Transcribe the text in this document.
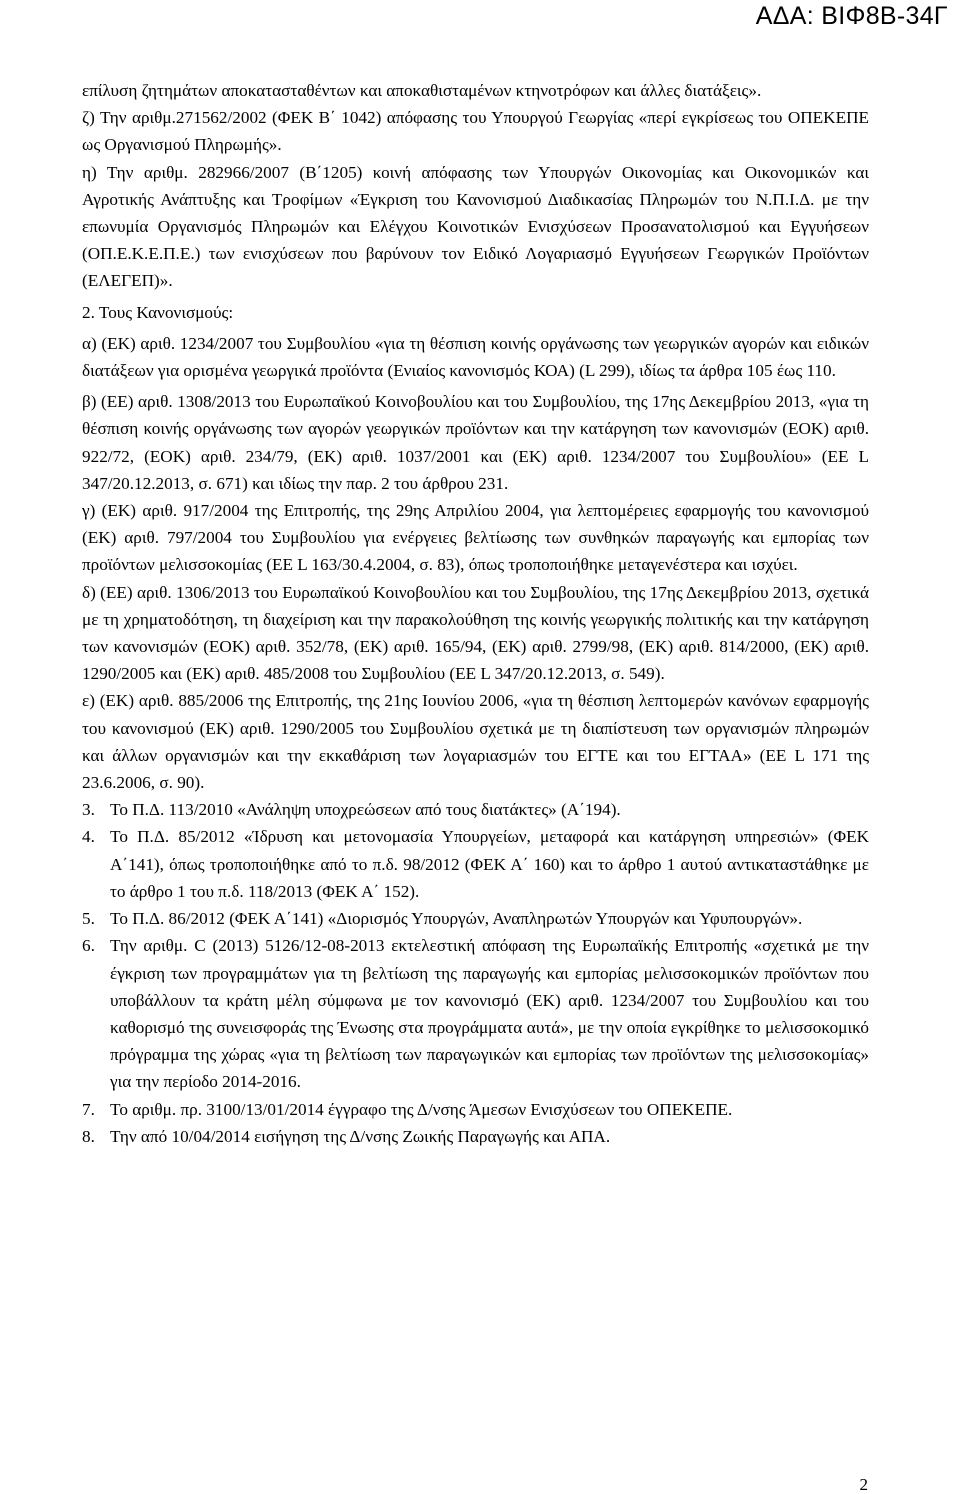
ΑΔΑ: ΒΙΦ8Β-34Γ

επίλυση ζητημάτων αποκατασταθέντων και αποκαθισταμένων κτηνοτρόφων και άλλες διατάξεις».

ζ) Την αριθμ.271562/2002 (ΦΕΚ Β΄ 1042) απόφασης του Υπουργού Γεωργίας «περί εγκρίσεως του ΟΠΕΚΕΠΕ ως Οργανισμού Πληρωμής».

η) Την αριθμ. 282966/2007 (Β΄1205) κοινή απόφασης των Υπουργών Οικονομίας και Οικονομικών και Αγροτικής Ανάπτυξης και Τροφίμων «Έγκριση του Κανονισμού Διαδικασίας Πληρωμών του Ν.Π.Ι.Δ. με την επωνυμία Οργανισμός Πληρωμών και Ελέγχου Κοινοτικών Ενισχύσεων Προσανατολισμού και Εγγυήσεων (ΟΠ.Ε.Κ.Ε.Π.Ε.) των ενισχύσεων που βαρύνουν τον Ειδικό Λογαριασμό Εγγυήσεων Γεωργικών Προϊόντων (ΕΛΕΓΕΠ)».

2. Τους Κανονισμούς:

α) (ΕΚ) αριθ. 1234/2007 του Συμβουλίου «για τη θέσπιση κοινής οργάνωσης των γεωργικών αγορών και ειδικών διατάξεων για ορισμένα γεωργικά προϊόντα (Ενιαίος κανονισμός ΚΟΑ) (L 299), ιδίως τα άρθρα 105 έως 110.

β) (ΕΕ) αριθ. 1308/2013 του Ευρωπαϊκού Κοινοβουλίου και του Συμβουλίου, της 17ης Δεκεμβρίου 2013, «για τη θέσπιση κοινής οργάνωσης των αγορών γεωργικών προϊόντων και την κατάργηση των κανονισμών (ΕΟΚ) αριθ. 922/72, (ΕΟΚ) αριθ. 234/79, (ΕΚ) αριθ. 1037/2001 και (ΕΚ) αριθ. 1234/2007 του Συμβουλίου» (ΕΕ L 347/20.12.2013, σ. 671) και ιδίως την παρ. 2 του άρθρου 231.

γ) (ΕΚ) αριθ. 917/2004 της Επιτροπής, της 29ης Απριλίου 2004, για λεπτομέρειες εφαρμογής του κανονισμού (ΕΚ) αριθ. 797/2004 του Συμβουλίου για ενέργειες βελτίωσης των συνθηκών παραγωγής και εμπορίας των προϊόντων μελισσοκομίας (ΕΕ L 163/30.4.2004, σ. 83), όπως τροποποιήθηκε μεταγενέστερα και ισχύει.

δ) (ΕΕ) αριθ. 1306/2013 του Ευρωπαϊκού Κοινοβουλίου και του Συμβουλίου, της 17ης Δεκεμβρίου 2013, σχετικά με τη χρηματοδότηση, τη διαχείριση και την παρακολούθηση της κοινής γεωργικής πολιτικής και την κατάργηση των κανονισμών (ΕΟΚ) αριθ. 352/78, (ΕΚ) αριθ. 165/94, (ΕΚ) αριθ. 2799/98, (ΕΚ) αριθ. 814/2000, (ΕΚ) αριθ. 1290/2005 και (ΕΚ) αριθ. 485/2008 του Συμβουλίου (ΕΕ L 347/20.12.2013, σ. 549).

ε) (ΕΚ) αριθ. 885/2006 της Επιτροπής, της 21ης Ιουνίου 2006, «για τη θέσπιση λεπτομερών κανόνων εφαρμογής του κανονισμού (ΕΚ) αριθ. 1290/2005 του Συμβουλίου σχετικά με τη διαπίστευση των οργανισμών πληρωμών και άλλων οργανισμών και την εκκαθάριση των λογαριασμών του ΕΓΤΕ και του ΕΓΤΑΑ» (ΕΕ L 171 της 23.6.2006, σ. 90).

3. Το Π.Δ. 113/2010 «Ανάληψη υποχρεώσεων από τους διατάκτες» (Α΄194).
4. Το Π.Δ. 85/2012 «Ίδρυση και μετονομασία Υπουργείων, μεταφορά και κατάργηση υπηρεσιών» (ΦΕΚ Α΄141), όπως τροποποιήθηκε από το π.δ. 98/2012 (ΦΕΚ Α΄ 160) και το άρθρο 1 αυτού αντικαταστάθηκε με το άρθρο 1 του π.δ. 118/2013 (ΦΕΚ Α΄ 152).
5. Το Π.Δ. 86/2012 (ΦΕΚ Α΄141) «Διορισμός Υπουργών, Αναπληρωτών Υπουργών και Υφυπουργών».
6. Την αριθμ. C (2013) 5126/12-08-2013 εκτελεστική απόφαση της Ευρωπαϊκής Επιτροπής «σχετικά με την έγκριση των προγραμμάτων για τη βελτίωση της παραγωγής και εμπορίας μελισσοκομικών προϊόντων που υποβάλλουν τα κράτη μέλη σύμφωνα με τον κανονισμό (ΕΚ) αριθ. 1234/2007 του Συμβουλίου και του καθορισμό της συνεισφοράς της Ένωσης στα προγράμματα αυτά», με την οποία εγκρίθηκε το μελισσοκομικό πρόγραμμα της χώρας «για τη βελτίωση των παραγωγικών και εμπορίας των προϊόντων της μελισσοκομίας» για την περίοδο 2014-2016.
7. Το αριθμ. πρ. 3100/13/01/2014 έγγραφο της Δ/νσης Άμεσων Ενισχύσεων του ΟΠΕΚΕΠΕ.
8. Την από 10/04/2014 εισήγηση της Δ/νσης Ζωικής Παραγωγής και ΑΠΑ.
2
